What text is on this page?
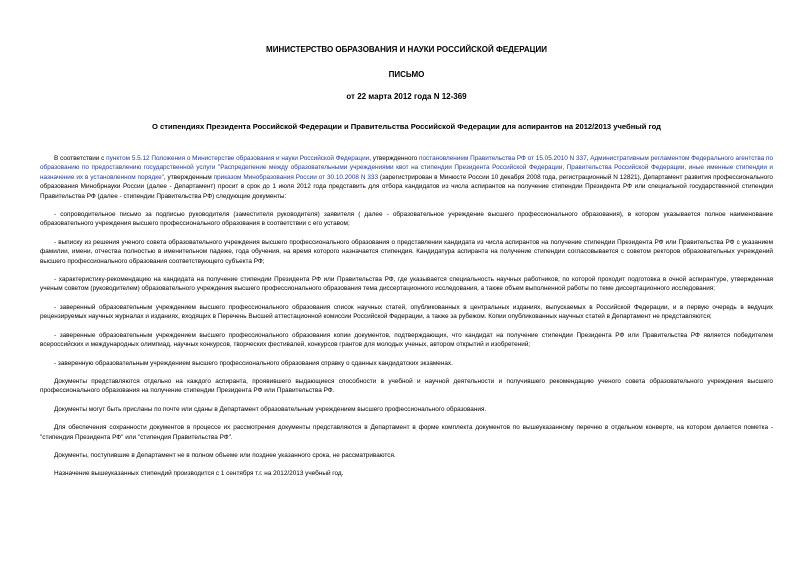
МИНИСТЕРСТВО ОБРАЗОВАНИЯ И НАУКИ РОССИЙСКОЙ ФЕДЕРАЦИИ
ПИСЬМО
от 22 марта 2012 года N 12-369
О стипендиях Президента Российской Федерации и Правительства Российской Федерации для аспирантов на 2012/2013 учебный год

В соответствии с пунктом 5.5.12 Положения о Министерстве образования и науки Российской Федерации, утвержденного постановлением Правительства РФ от 15.05.2010 N 337, Административным регламентом Федерального агентства по образованию по предоставлению государственной услуги "Распределение между образовательными учреждениями квот на стипендии Президента Российской Федерации, Правительства Российской Федерации, иные именные стипендии и назначение их в установленном порядке", утвержденным приказом Минобразования России от 30.10.2008 N 333 (зарегистрирован в Минюсте России 10 декабря 2008 года, регистрационный N 12821), Департамент развития профессионального образования Минобрнауки России (далее - Департамент) просит в срок до 1 июля 2012 года представить для отбора кандидатов из числа аспирантов на получение стипендии Президента РФ или специальной государственной стипендии Правительства РФ (далее - стипендии Правительства РФ) следующие документы:

- сопроводительное письмо за подписью руководителя (заместителя руководителя) заявителя ( далее - образовательное учреждение высшего профессионального образования), в котором указывается полное наименование образовательного учреждения высшего профессионального образования в соответствии с его уставом;

- выписку из решения ученого совета образовательного учреждения высшего профессионального образования о представлении кандидата из числа аспирантов на получение стипендии Президента РФ или Правительства РФ с указанием фамилии, имени, отчества полностью в именительном падеже, года обучения, на время которого назначается стипендия. Кандидатура аспиранта на получение стипендии согласовывается с советом ректоров образовательных учреждений высшего профессионального образования соответствующего субъекта РФ;

- характеристику-рекомендацию на кандидата на получение стипендии Президента РФ или Правительства РФ, где указывается специальность научных работников, по которой проходит подготовка в очной аспирантуре, утвержденная ученым советом (руководителем) образовательного учреждения высшего профессионального образования тема диссертационного исследования, а также объем выполненной работы по теме диссертационного исследования;

- заверенный образовательным учреждением высшего профессионального образования список научных статей, опубликованных в центральных изданиях, выпускаемых в Российской Федерации, и в первую очередь в ведущих рецензируемых научных журналах и изданиях, входящих в Перечень Высшей аттестационной комиссии Российской Федерации, а также за рубежом. Копии опубликованных научных статей в Департамент не представляются;

- заверенные образовательным учреждением высшего профессионального образования копии документов, подтверждающих, что кандидат на получение стипендии Президента РФ или Правительства РФ является победителем всероссийских и международных олимпиад, научных конкурсов, творческих фестивалей, конкурсов грантов для молодых ученых, автором открытий и изобретений;

- заверенную образовательным учреждением высшего профессионального образования справку о сданных кандидатских экзаменах.

Документы представляются отдельно на каждого аспиранта, проявившего выдающиеся способности в учебной и научной деятельности и получившего рекомендацию ученого совета образовательного учреждения высшего профессионального образования на получение стипендии Президента РФ или Правительства РФ.

Документы могут быть присланы по почте или сданы в Департамент образовательным учреждением высшего профессионального образования.

Для обеспечения сохранности документов в процессе их рассмотрения документы представляются в Департамент в форме комплекта документов по вышеуказанному перечню в отдельном конверте, на котором делается пометка - "стипендия Президента РФ" или "стипендия Правительства РФ".

Документы, поступившие в Департамент не в полном объеме или позднее указанного срока, не рассматриваются.

Назначение вышеуказанных стипендий производится с 1 сентября т.г. на 2012/2013 учебный год.
